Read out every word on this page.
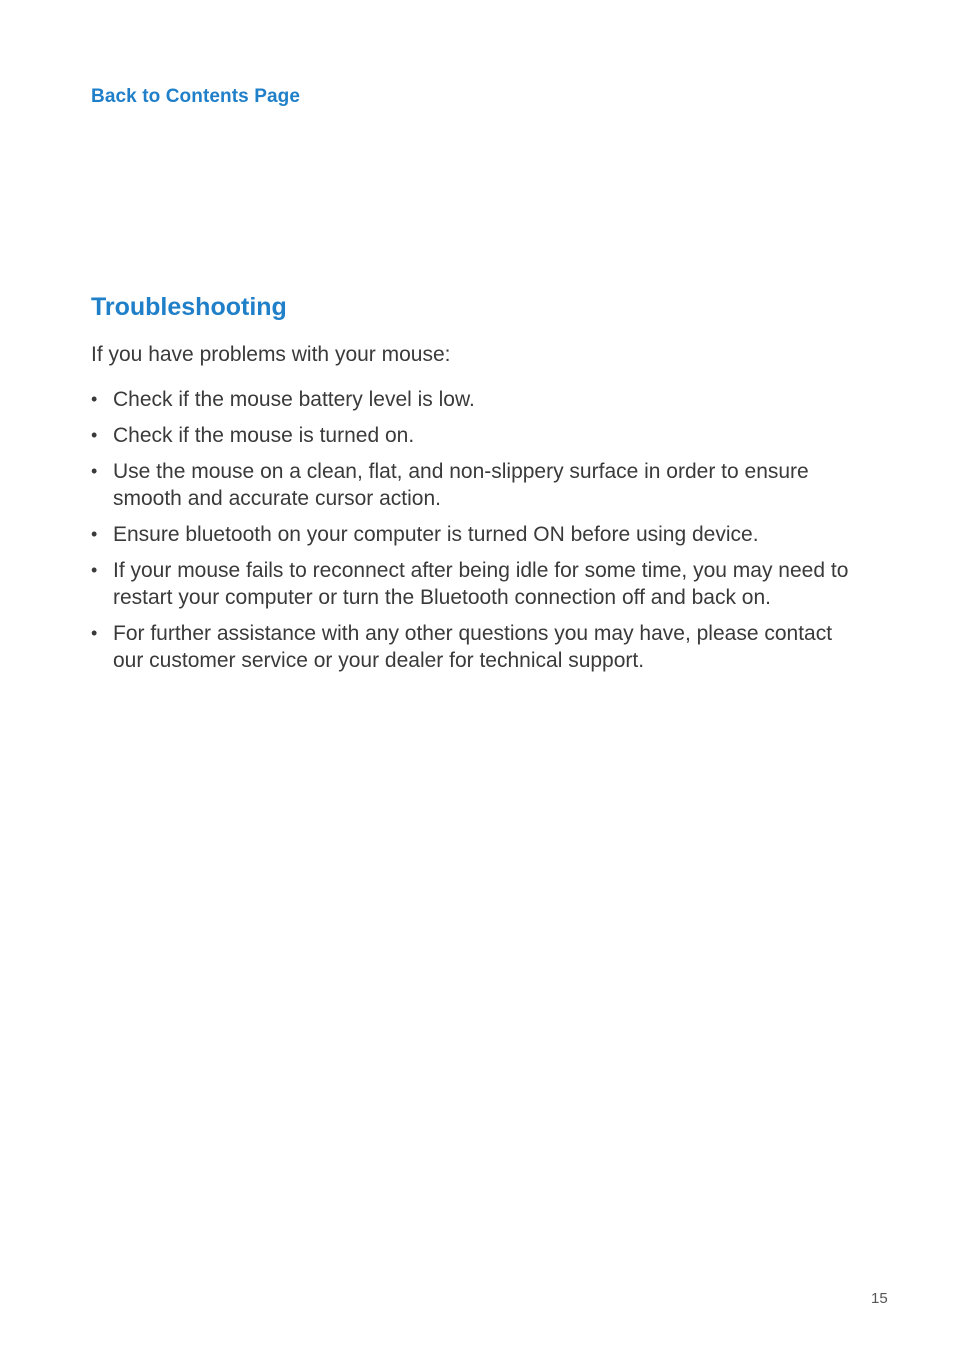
Back to Contents Page
Troubleshooting

If you have problems with your mouse:

• Check if the mouse battery level is low.
• Check if the mouse is turned on.
• Use the mouse on a clean, flat, and non-slippery surface in order to ensure smooth and accurate cursor action.
• Ensure bluetooth on your computer is turned ON before using device.
• If your mouse fails to reconnect after being idle for some time, you may need to restart your computer or turn the Bluetooth connection off and back on.
• For further assistance with any other questions you may have, please contact our customer service or your dealer for technical support.
15
